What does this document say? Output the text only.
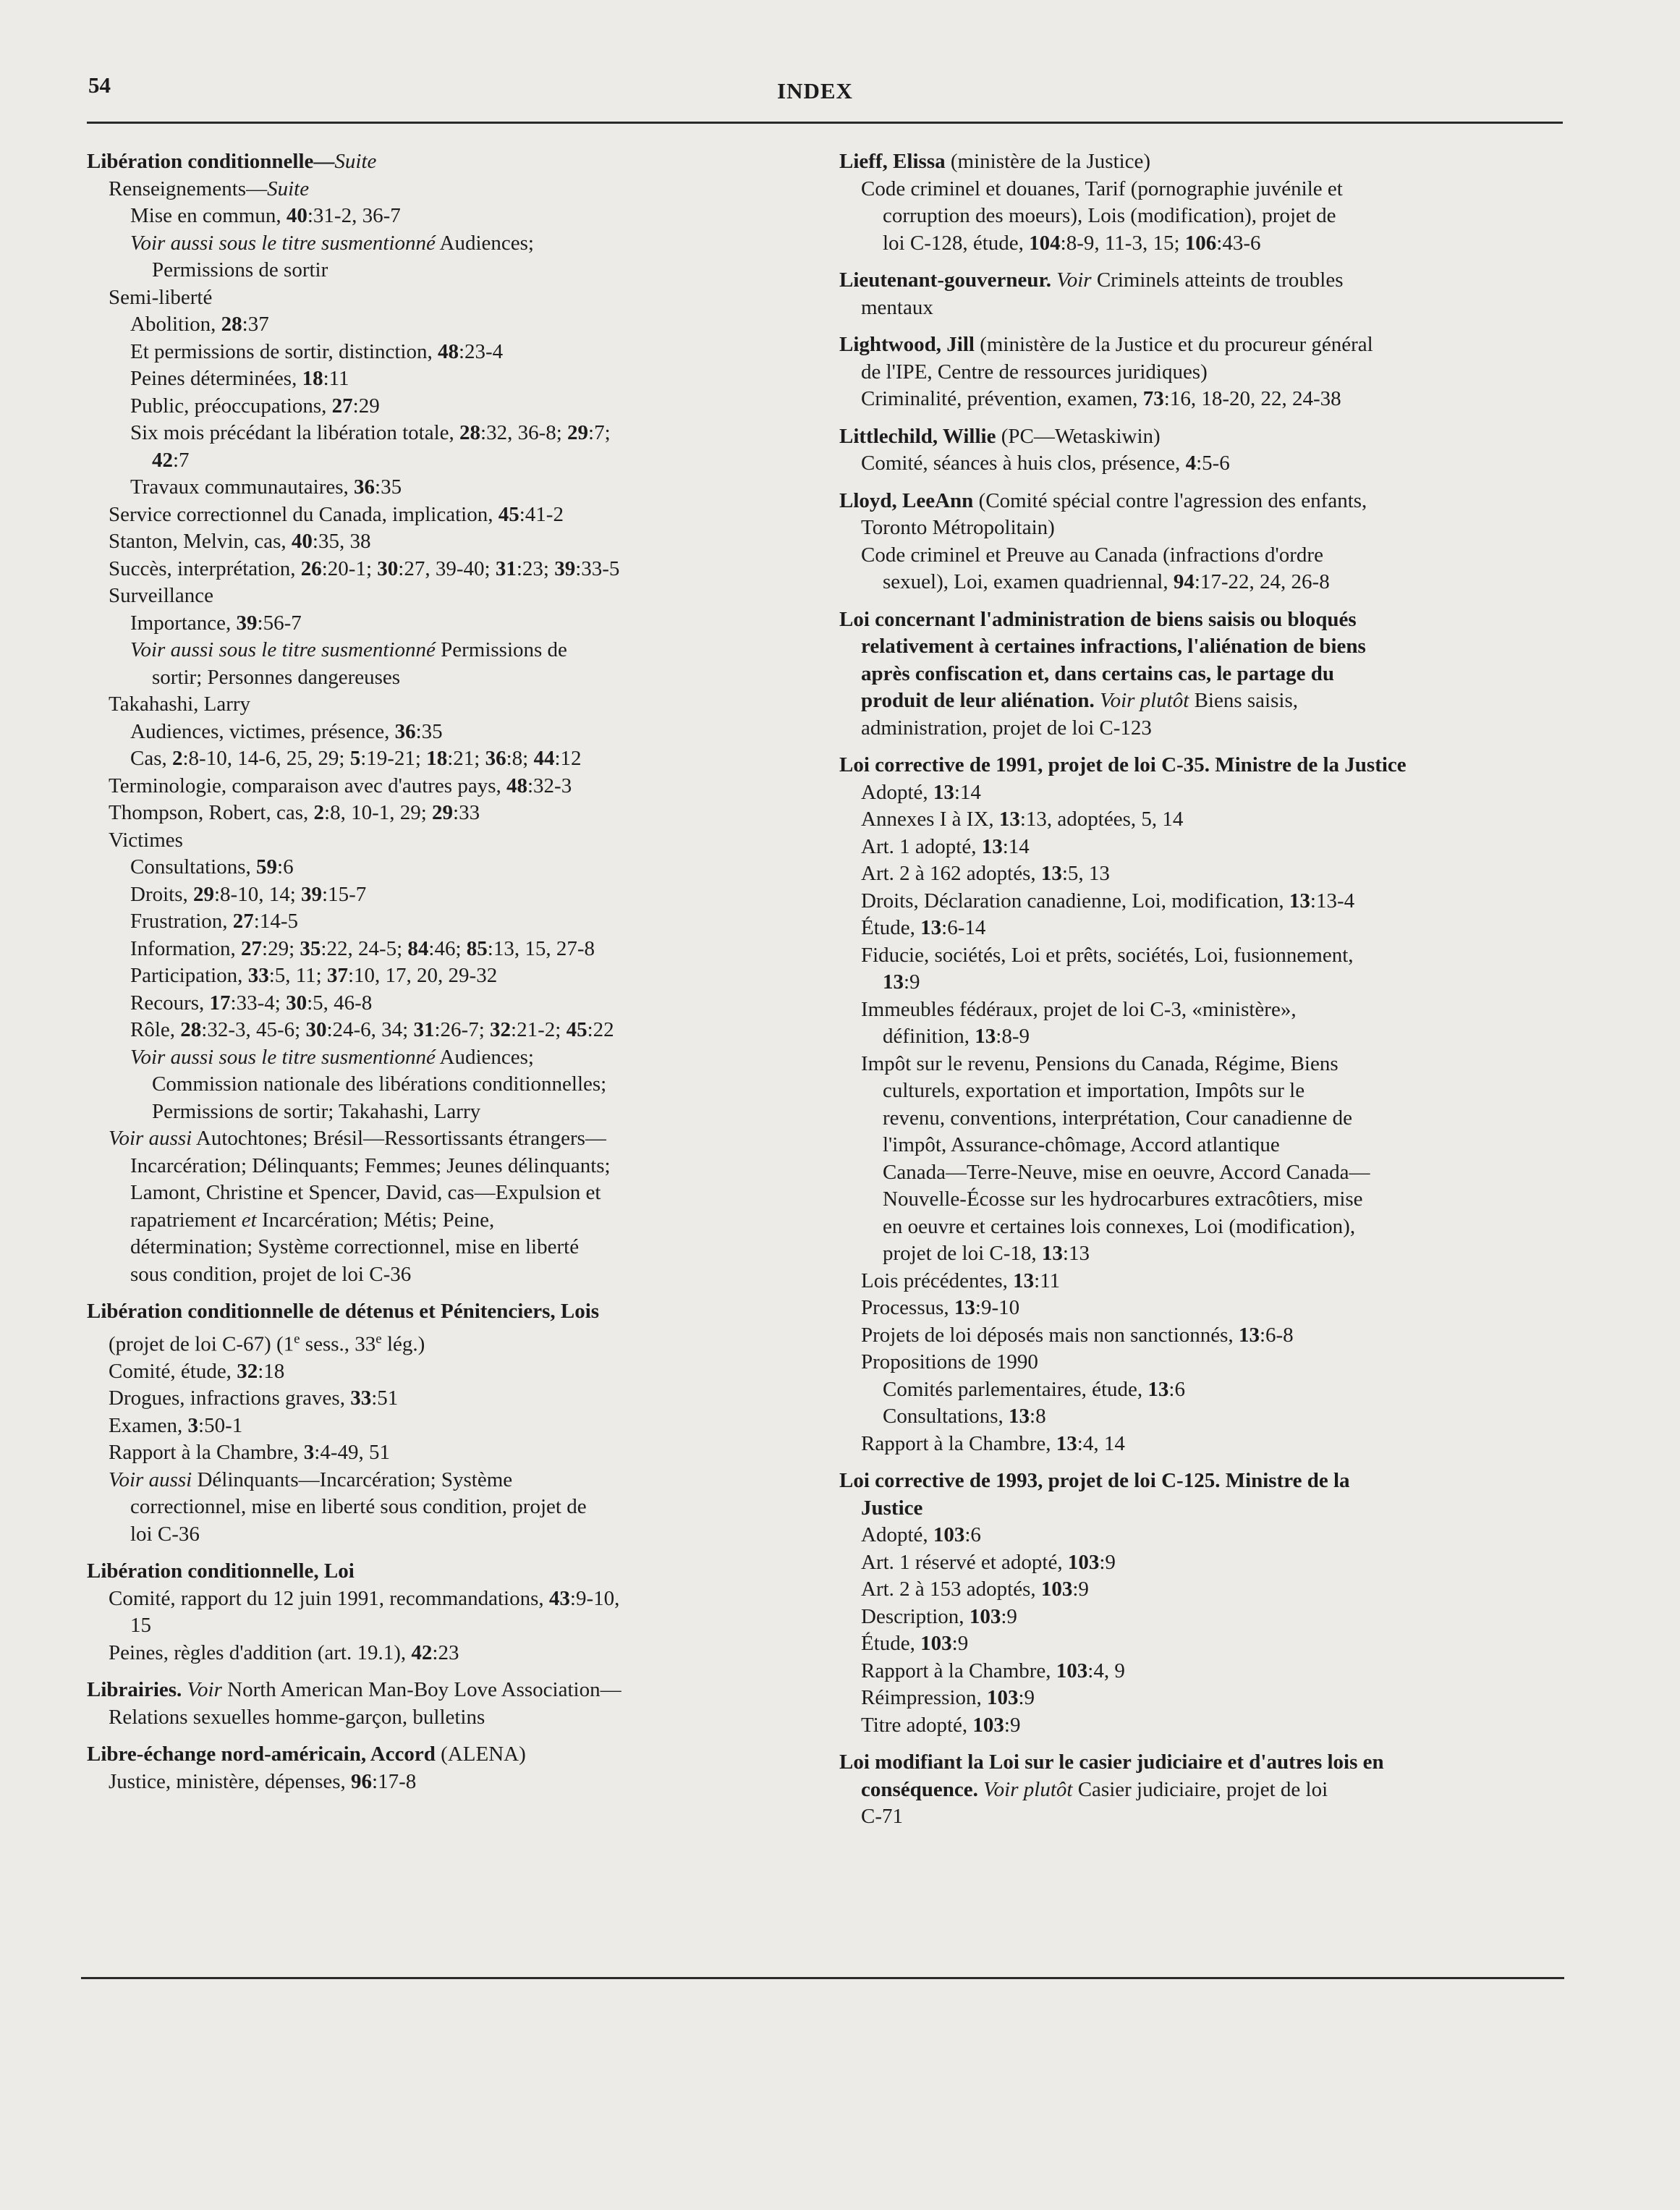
54	INDEX
Libération conditionnelle—Suite
Renseignements—Suite
Mise en commun, 40:31-2, 36-7
Voir aussi sous le titre susmentionné Audiences;
Permissions de sortir
Semi-liberté
Abolition, 28:37
Et permissions de sortir, distinction, 48:23-4
Peines déterminées, 18:11
Public, préoccupations, 27:29
Six mois précédant la libération totale, 28:32, 36-8; 29:7;
42:7
Travaux communautaires, 36:35
Service correctionnel du Canada, implication, 45:41-2
Stanton, Melvin, cas, 40:35, 38
Succès, interprétation, 26:20-1; 30:27, 39-40; 31:23; 39:33-5
Surveillance
Importance, 39:56-7
Voir aussi sous le titre susmentionné Permissions de
sortir; Personnes dangereuses
Takahashi, Larry
Audiences, victimes, présence, 36:35
Cas, 2:8-10, 14-6, 25, 29; 5:19-21; 18:21; 36:8; 44:12
Terminologie, comparaison avec d'autres pays, 48:32-3
Thompson, Robert, cas, 2:8, 10-1, 29; 29:33
Victimes
Consultations, 59:6
Droits, 29:8-10, 14; 39:15-7
Frustration, 27:14-5
Information, 27:29; 35:22, 24-5; 84:46; 85:13, 15, 27-8
Participation, 33:5, 11; 37:10, 17, 20, 29-32
Recours, 17:33-4; 30:5, 46-8
Rôle, 28:32-3, 45-6; 30:24-6, 34; 31:26-7; 32:21-2; 45:22
Voir aussi sous le titre susmentionné Audiences;
Commission nationale des libérations conditionnelles;
Permissions de sortir; Takahashi, Larry
Voir aussi Autochtones; Brésil—Ressortissants étrangers—
Incarcération; Délinquants; Femmes; Jeunes délinquants;
Lamont, Christine et Spencer, David, cas—Expulsion et
rapatriement et Incarcération; Métis; Peine,
détermination; Système correctionnel, mise en liberté
sous condition, projet de loi C-36
Libération conditionnelle de détenus et Pénitenciers, Lois
(projet de loi C-67) (1e sess., 33e lég.)
Comité, étude, 32:18
Drogues, infractions graves, 33:51
Examen, 3:50-1
Rapport à la Chambre, 3:4-49, 51
Voir aussi Délinquants—Incarcération; Système
correctionnel, mise en liberté sous condition, projet de
loi C-36
Libération conditionnelle, Loi
Comité, rapport du 12 juin 1991, recommandations, 43:9-10,
15
Peines, règles d'addition (art. 19.1), 42:23
Librairies. Voir North American Man-Boy Love Association—
Relations sexuelles homme-garçon, bulletins
Libre-échange nord-américain, Accord (ALENA)
Justice, ministère, dépenses, 96:17-8
Lieff, Elissa (ministère de la Justice)
Code criminel et douanes, Tarif (pornographie juvénile et
corruption des moeurs), Lois (modification), projet de
loi C-128, étude, 104:8-9, 11-3, 15; 106:43-6
Lieutenant-gouverneur. Voir Criminels atteints de troubles
mentaux
Lightwood, Jill (ministère de la Justice et du procureur général
de l'IPE, Centre de ressources juridiques)
Criminalité, prévention, examen, 73:16, 18-20, 22, 24-38
Littlechild, Willie (PC—Wetaskiwin)
Comité, séances à huis clos, présence, 4:5-6
Lloyd, LeeAnn (Comité spécial contre l'agression des enfants,
Toronto Métropolitain)
Code criminel et Preuve au Canada (infractions d'ordre
sexuel), Loi, examen quadriennal, 94:17-22, 24, 26-8
Loi concernant l'administration de biens saisis ou bloqués
relativement à certaines infractions, l'aliénation de biens
après confiscation et, dans certains cas, le partage du
produit de leur aliénation. Voir plutôt Biens saisis,
administration, projet de loi C-123
Loi corrective de 1991, projet de loi C-35. Ministre de la Justice
Adopté, 13:14
Annexes I à IX, 13:13, adoptées, 5, 14
Art. 1 adopté, 13:14
Art. 2 à 162 adoptés, 13:5, 13
Droits, Déclaration canadienne, Loi, modification, 13:13-4
Étude, 13:6-14
Fiducie, sociétés, Loi et prêts, sociétés, Loi, fusionnement,
13:9
Immeubles fédéraux, projet de loi C-3, «ministère»,
définition, 13:8-9
Impôt sur le revenu, Pensions du Canada, Régime, Biens
culturels, exportation et importation, Impôts sur le
revenu, conventions, interprétation, Cour canadienne de
l'impôt, Assurance-chômage, Accord atlantique
Canada—Terre-Neuve, mise en oeuvre, Accord Canada—
Nouvelle-Écosse sur les hydrocarbures extracôtiers, mise
en oeuvre et certaines lois connexes, Loi (modification),
projet de loi C-18, 13:13
Lois précédentes, 13:11
Processus, 13:9-10
Projets de loi déposés mais non sanctionnés, 13:6-8
Propositions de 1990
Comités parlementaires, étude, 13:6
Consultations, 13:8
Rapport à la Chambre, 13:4, 14
Loi corrective de 1993, projet de loi C-125. Ministre de la
Justice
Adopté, 103:6
Art. 1 réservé et adopté, 103:9
Art. 2 à 153 adoptés, 103:9
Description, 103:9
Étude, 103:9
Rapport à la Chambre, 103:4, 9
Réimpression, 103:9
Titre adopté, 103:9
Loi modifiant la Loi sur le casier judiciaire et d'autres lois en
conséquence. Voir plutôt Casier judiciaire, projet de loi
C-71
